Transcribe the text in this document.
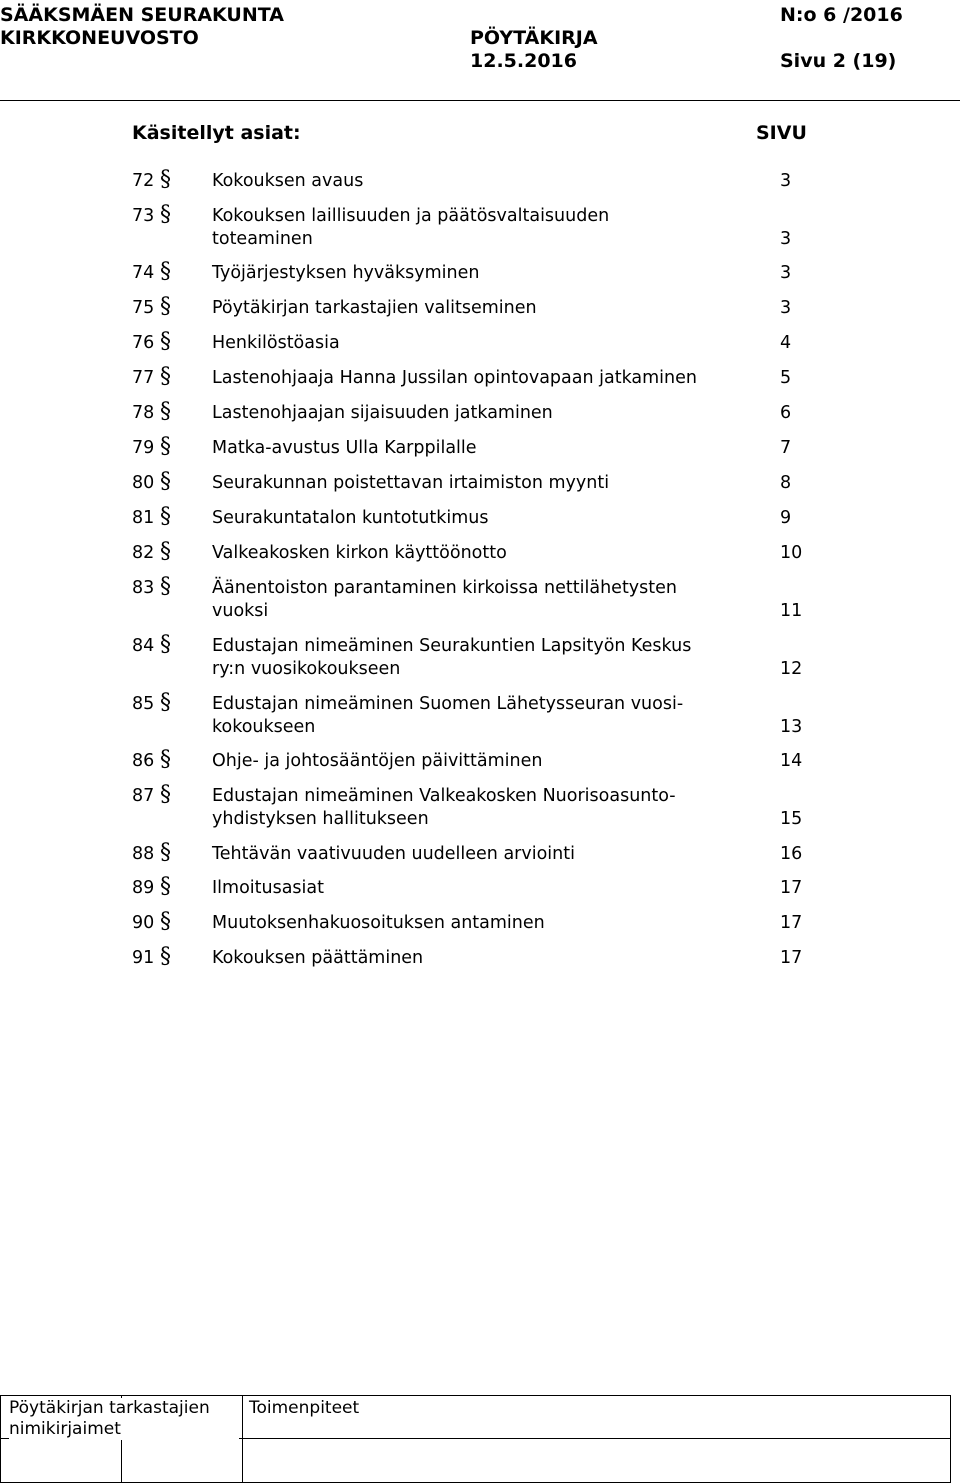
SÄÄKSMÄEN SEURAKUNTA
KIRKKONEUVOSTO	PÖYTÄKIRJA
12.5.2016
N:o 6 /2016
Sivu 2 (19)
Käsitellyt asiat:	SIVU
72 § Kokouksen avaus	3
73 § Kokouksen laillisuuden ja päätösvaltaisuuden
toteaminen	3
74 § Työjärjestyksen hyväksyminen	3
75 § Pöytäkirjan tarkastajien valitseminen	3
76 § Henkilöstöasia	4
77 § Lastenohjaaja Hanna Jussilan opintovapaan jatkaminen	5
78 § Lastenohjaajan sijaisuuden jatkaminen	6
79 § Matka-avustus Ulla Karppilalle	7
80 § Seurakunnan poistettavan irtaimiston myynti	8
81 § Seurakuntatalon kuntotutkimus	9
82 § Valkeakosken kirkon käyttöönotto	10
83 § Äänentoiston parantaminen kirkoissa nettilähetysten
vuoksi	11
84 § Edustajan nimeäminen Seurakuntien Lapsityön Keskus
ry:n vuosikokoukseen	12
85 § Edustajan nimeäminen Suomen Lähetysseuran vuosi-
kokoukseen	13
86 § Ohje- ja johtosääntöjen päivittäminen	14
87 § Edustajan nimeäminen Valkeakosken Nuorisoasunto-
yhdistyksen hallitukseen	15
88 § Tehtävän vaativuuden uudelleen arviointi	16
89 § Ilmoitusasiat	17
90 § Muutoksenhakuosoituksen antaminen	17
91 § Kokouksen päättäminen	17
Pöytäkirjan tarkastajien
nimikirjaimet
Toimenpiteet
